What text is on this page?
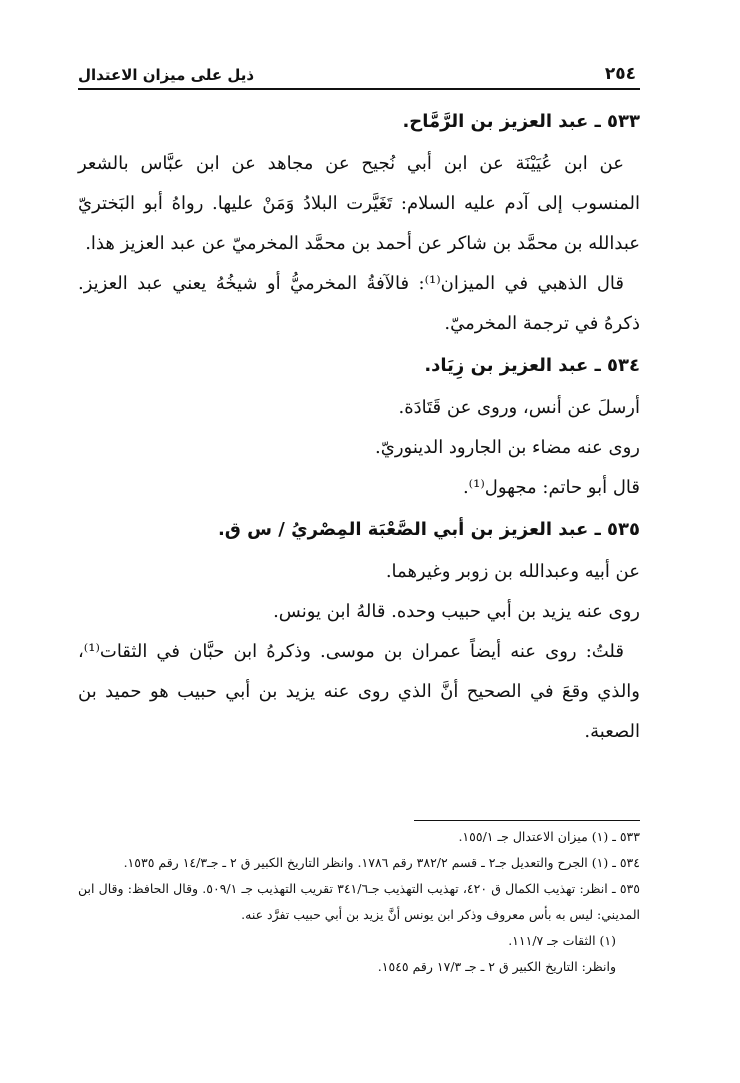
٢٥٤
ذيل على ميزان الاعتدال
٥٣٣ ـ عبد العزيز بن الرَّمَّاح.

عن ابن عُيَيْنَة عن ابن أبي نُجيح عن مجاهد عن ابن عبَّاس بالشعر المنسوب إلى آدم عليه السلام: تَغَيَّرت البلادُ وَمَنْ عليها. رواهُ أبو البَختريّ عبدالله بن محمَّد بن شاكر عن أحمد بن محمَّد المخرميّ عن عبد العزيز هذا.

قال الذهبي في الميزان⁽¹⁾: فالآفةُ المخرميُّ أو شيخُهُ يعني عبد العزيز. ذكرهُ في ترجمة المخرميّ.

٥٣٤ ـ عبد العزيز بن زِيَاد.

أرسلَ عن أنس، وروى عن قَتَادَة.

روى عنه مضاء بن الجارود الدينوريّ.

قال أبو حاتم: مجهول⁽¹⁾.

٥٣٥ ـ عبد العزيز بن أبي الصَّعْبَة المِصْريُ / س ق.

عن أبيه وعبدالله بن زوبر وغيرهما.

روى عنه يزيد بن أبي حبيب وحده. قالهُ ابن يونس.

قلتُ: روى عنه أيضاً عمران بن موسى. وذكرهُ ابن حبَّان في الثقات⁽¹⁾، والذي وقعَ في الصحيح أنَّ الذي روى عنه يزيد بن أبي حبيب هو حميد بن الصعبة.

٥٣٣ ـ (١) ميزان الاعتدال جـ ١٥٥/١.

٥٣٤ ـ (١) الجرح والتعديل جـ٢ ـ قسم ٣٨٢/٢ رقم ١٧٨٦. وانظر التاريخ الكبير ق ٢ ـ جـ١٤/٣ رقم ١٥٣٥.

٥٣٥ ـ انظر: تهذيب الكمال ق ٤٢٠، تهذيب التهذيب جـ٣٤١/٦ تقريب التهذيب جـ ٥٠٩/١. وقال الحافظ: وقال ابن المديني: ليس به بأس معروف وذكر ابن يونس أنَّ يزيد بن أبي حبيب تفرَّد عنه.

(١) الثقات جـ ١١١/٧.

وانظر: التاريخ الكبير ق ٢ ـ جـ ١٧/٣ رقم ١٥٤٥.
